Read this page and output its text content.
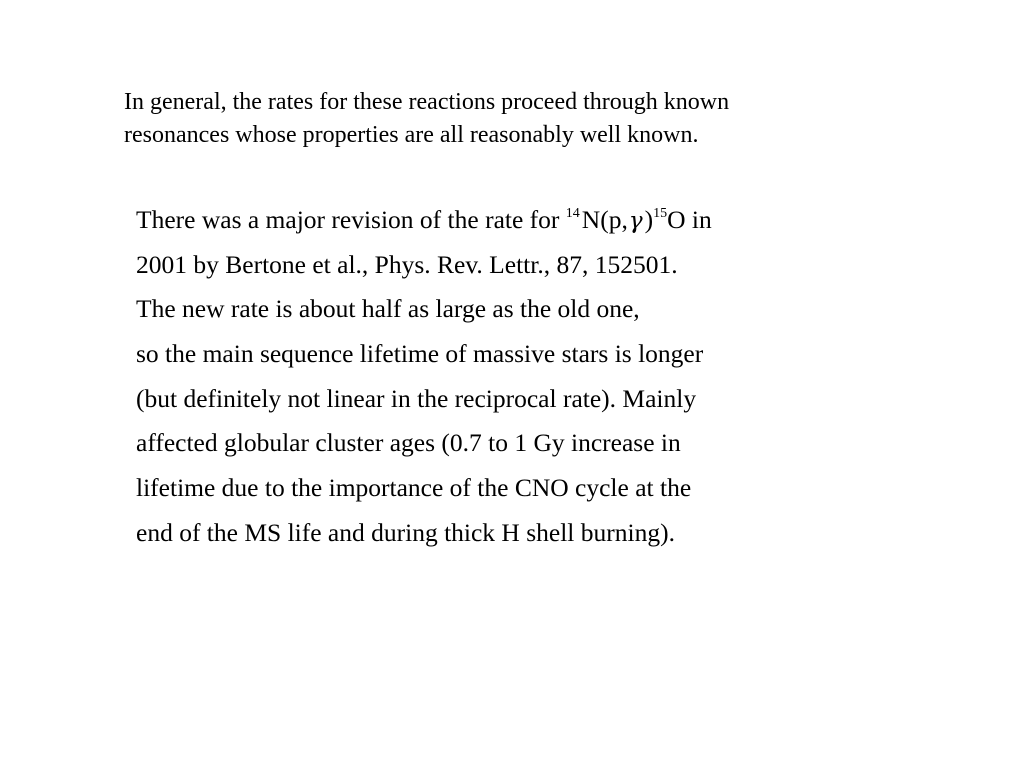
In general, the rates for these reactions proceed through known
resonances whose properties are all reasonably well known.

There was a major revision of the rate for $^{14}N(p,\gamma)^{15}O$ in
2001 by Bertone et al., Phys. Rev. Lettr., 87, 152501.
The new rate is about half as large as the old one,
so the main sequence lifetime of massive stars is longer
(but definitely not linear in the reciprocal rate). Mainly
affected globular cluster ages (0.7 to 1 Gy increase in
lifetime due to the importance of the CNO cycle at the
end of the MS life and during thick H shell burning).
